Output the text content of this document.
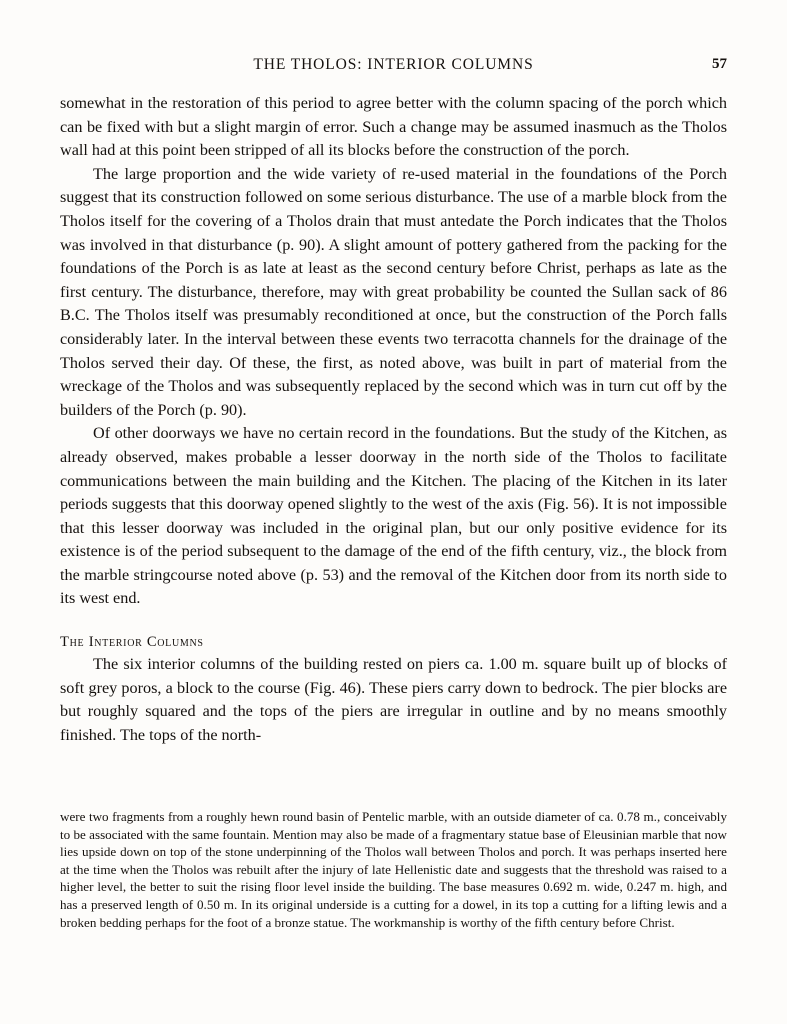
THE THOLOS: INTERIOR COLUMNS	57

somewhat in the restoration of this period to agree better with the column spacing of the porch which can be fixed with but a slight margin of error. Such a change may be assumed inasmuch as the Tholos wall had at this point been stripped of all its blocks before the construction of the porch.

The large proportion and the wide variety of re-used material in the foundations of the Porch suggest that its construction followed on some serious disturbance. The use of a marble block from the Tholos itself for the covering of a Tholos drain that must antedate the Porch indicates that the Tholos was involved in that disturbance (p. 90). A slight amount of pottery gathered from the packing for the foundations of the Porch is as late at least as the second century before Christ, perhaps as late as the first century. The disturbance, therefore, may with great probability be counted the Sullan sack of 86 B.C. The Tholos itself was presumably reconditioned at once, but the construction of the Porch falls considerably later. In the interval between these events two terracotta channels for the drainage of the Tholos served their day. Of these, the first, as noted above, was built in part of material from the wreckage of the Tholos and was subsequently replaced by the second which was in turn cut off by the builders of the Porch (p. 90).

Of other doorways we have no certain record in the foundations. But the study of the Kitchen, as already observed, makes probable a lesser doorway in the north side of the Tholos to facilitate communications between the main building and the Kitchen. The placing of the Kitchen in its later periods suggests that this doorway opened slightly to the west of the axis (Fig. 56). It is not impossible that this lesser doorway was included in the original plan, but our only positive evidence for its existence is of the period subsequent to the damage of the end of the fifth century, viz., the block from the marble stringcourse noted above (p. 53) and the removal of the Kitchen door from its north side to its west end.

The Interior Columns

The six interior columns of the building rested on piers ca. 1.00 m. square built up of blocks of soft grey poros, a block to the course (Fig. 46). These piers carry down to bedrock. The pier blocks are but roughly squared and the tops of the piers are irregular in outline and by no means smoothly finished. The tops of the north-

were two fragments from a roughly hewn round basin of Pentelic marble, with an outside diameter of ca. 0.78 m., conceivably to be associated with the same fountain. Mention may also be made of a fragmentary statue base of Eleusinian marble that now lies upside down on top of the stone underpinning of the Tholos wall between Tholos and porch. It was perhaps inserted here at the time when the Tholos was rebuilt after the injury of late Hellenistic date and suggests that the threshold was raised to a higher level, the better to suit the rising floor level inside the building. The base measures 0.692 m. wide, 0.247 m. high, and has a preserved length of 0.50 m. In its original underside is a cutting for a dowel, in its top a cutting for a lifting lewis and a broken bedding perhaps for the foot of a bronze statue. The workmanship is worthy of the fifth century before Christ.
